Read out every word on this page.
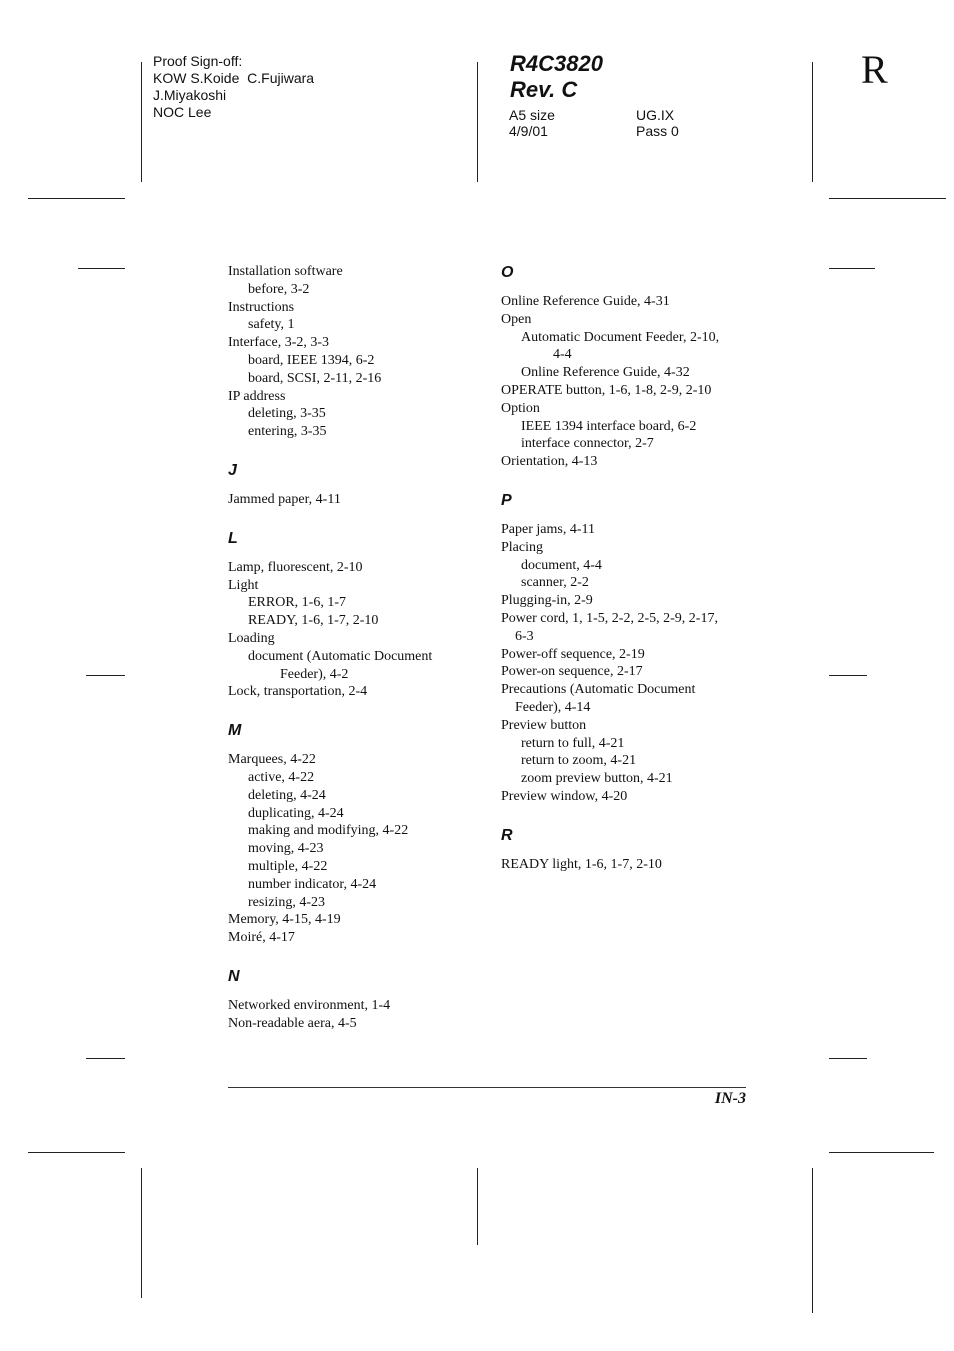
Proof Sign-off:
KOW S.Koide  C.Fujiwara
J.Miyakoshi
NOC Lee
R4C3820
Rev. C
A5 size	UG.IX
4/9/01	Pass 0
R
Installation software
before, 3-2
Instructions
safety, 1
Interface, 3-2, 3-3
board, IEEE 1394, 6-2
board, SCSI, 2-11, 2-16
IP address
deleting, 3-35
entering, 3-35
J
Jammed paper, 4-11
L
Lamp, fluorescent, 2-10
Light
ERROR, 1-6, 1-7
READY, 1-6, 1-7, 2-10
Loading
document (Automatic Document
Feeder), 4-2
Lock, transportation, 2-4
M
Marquees, 4-22
active, 4-22
deleting, 4-24
duplicating, 4-24
making and modifying, 4-22
moving, 4-23
multiple, 4-22
number indicator, 4-24
resizing, 4-23
Memory, 4-15, 4-19
Moiré, 4-17
N
Networked environment, 1-4
Non-readable aera, 4-5
O
Online Reference Guide, 4-31
Open
Automatic Document Feeder, 2-10,
4-4
Online Reference Guide, 4-32
OPERATE button, 1-6, 1-8, 2-9, 2-10
Option
IEEE 1394 interface board, 6-2
interface connector, 2-7
Orientation, 4-13
P
Paper jams, 4-11
Placing
document, 4-4
scanner, 2-2
Plugging-in, 2-9
Power cord, 1, 1-5, 2-2, 2-5, 2-9, 2-17,
6-3
Power-off sequence, 2-19
Power-on sequence, 2-17
Precautions (Automatic Document
Feeder), 4-14
Preview button
return to full, 4-21
return to zoom, 4-21
zoom preview button, 4-21
Preview window, 4-20
R
READY light, 1-6, 1-7, 2-10
IN-3
